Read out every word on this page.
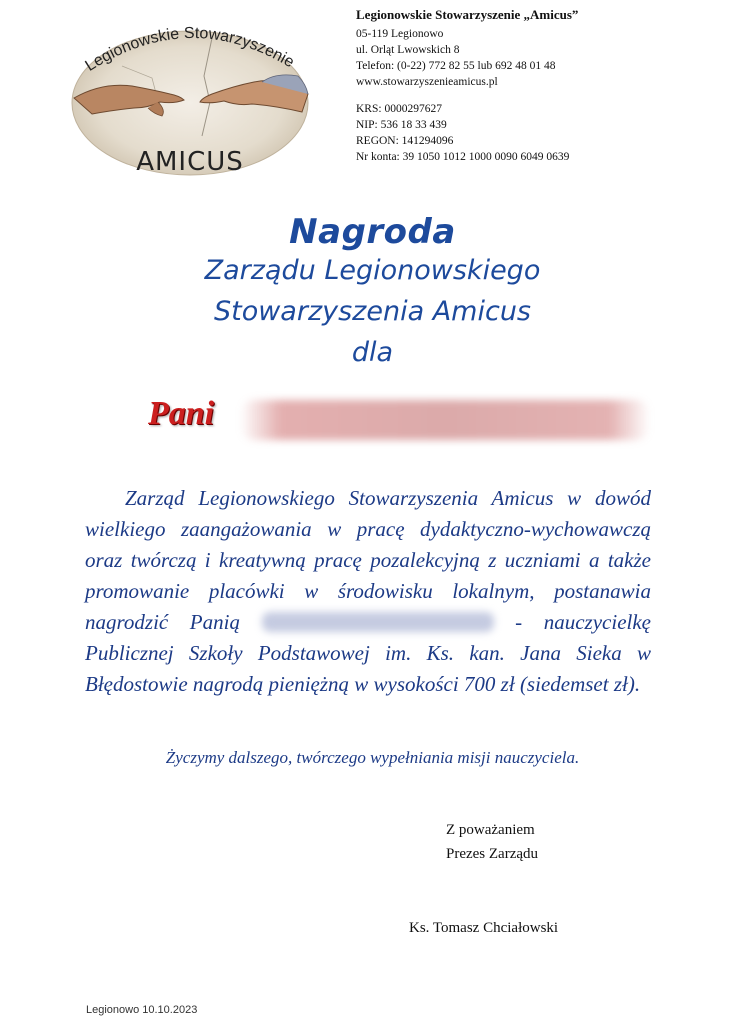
Legionowskie Stowarzyszenie
AMICUS
Legionowskie Stowarzyszenie „Amicus”
05-119 Legionowo
ul. Orląt Lwowskich 8
Telefon: (0-22) 772 82 55 lub 692 48 01 48
www.stowarzyszenieamicus.pl
KRS: 0000297627
NIP: 536 18 33 439
REGON: 141294096
Nr konta: 39 1050 1012 1000 0090 6049 0639
Nagroda
Zarządu Legionowskiego
Stowarzyszenia Amicus
dla
Pani
Zarząd Legionowskiego Stowarzyszenia Amicus w dowód wielkiego zaangażowania w pracę dydaktyczno-wychowawczą oraz twórczą i kreatywną pracę pozalekcyjną z uczniami a także promowanie placówki w środowisku lokalnym, postanawia nagrodzić Panią	- nauczycielkę Publicznej Szkoły Podstawowej im. Ks. kan. Jana Sieka w Błędostowie nagrodą pieniężną w wysokości 700 zł (siedemset zł).
Życzymy dalszego, twórczego wypełniania misji nauczyciela.
Z poważaniem
Prezes Zarządu
Ks. Tomasz Chciałowski
Legionowo 10.10.2023
